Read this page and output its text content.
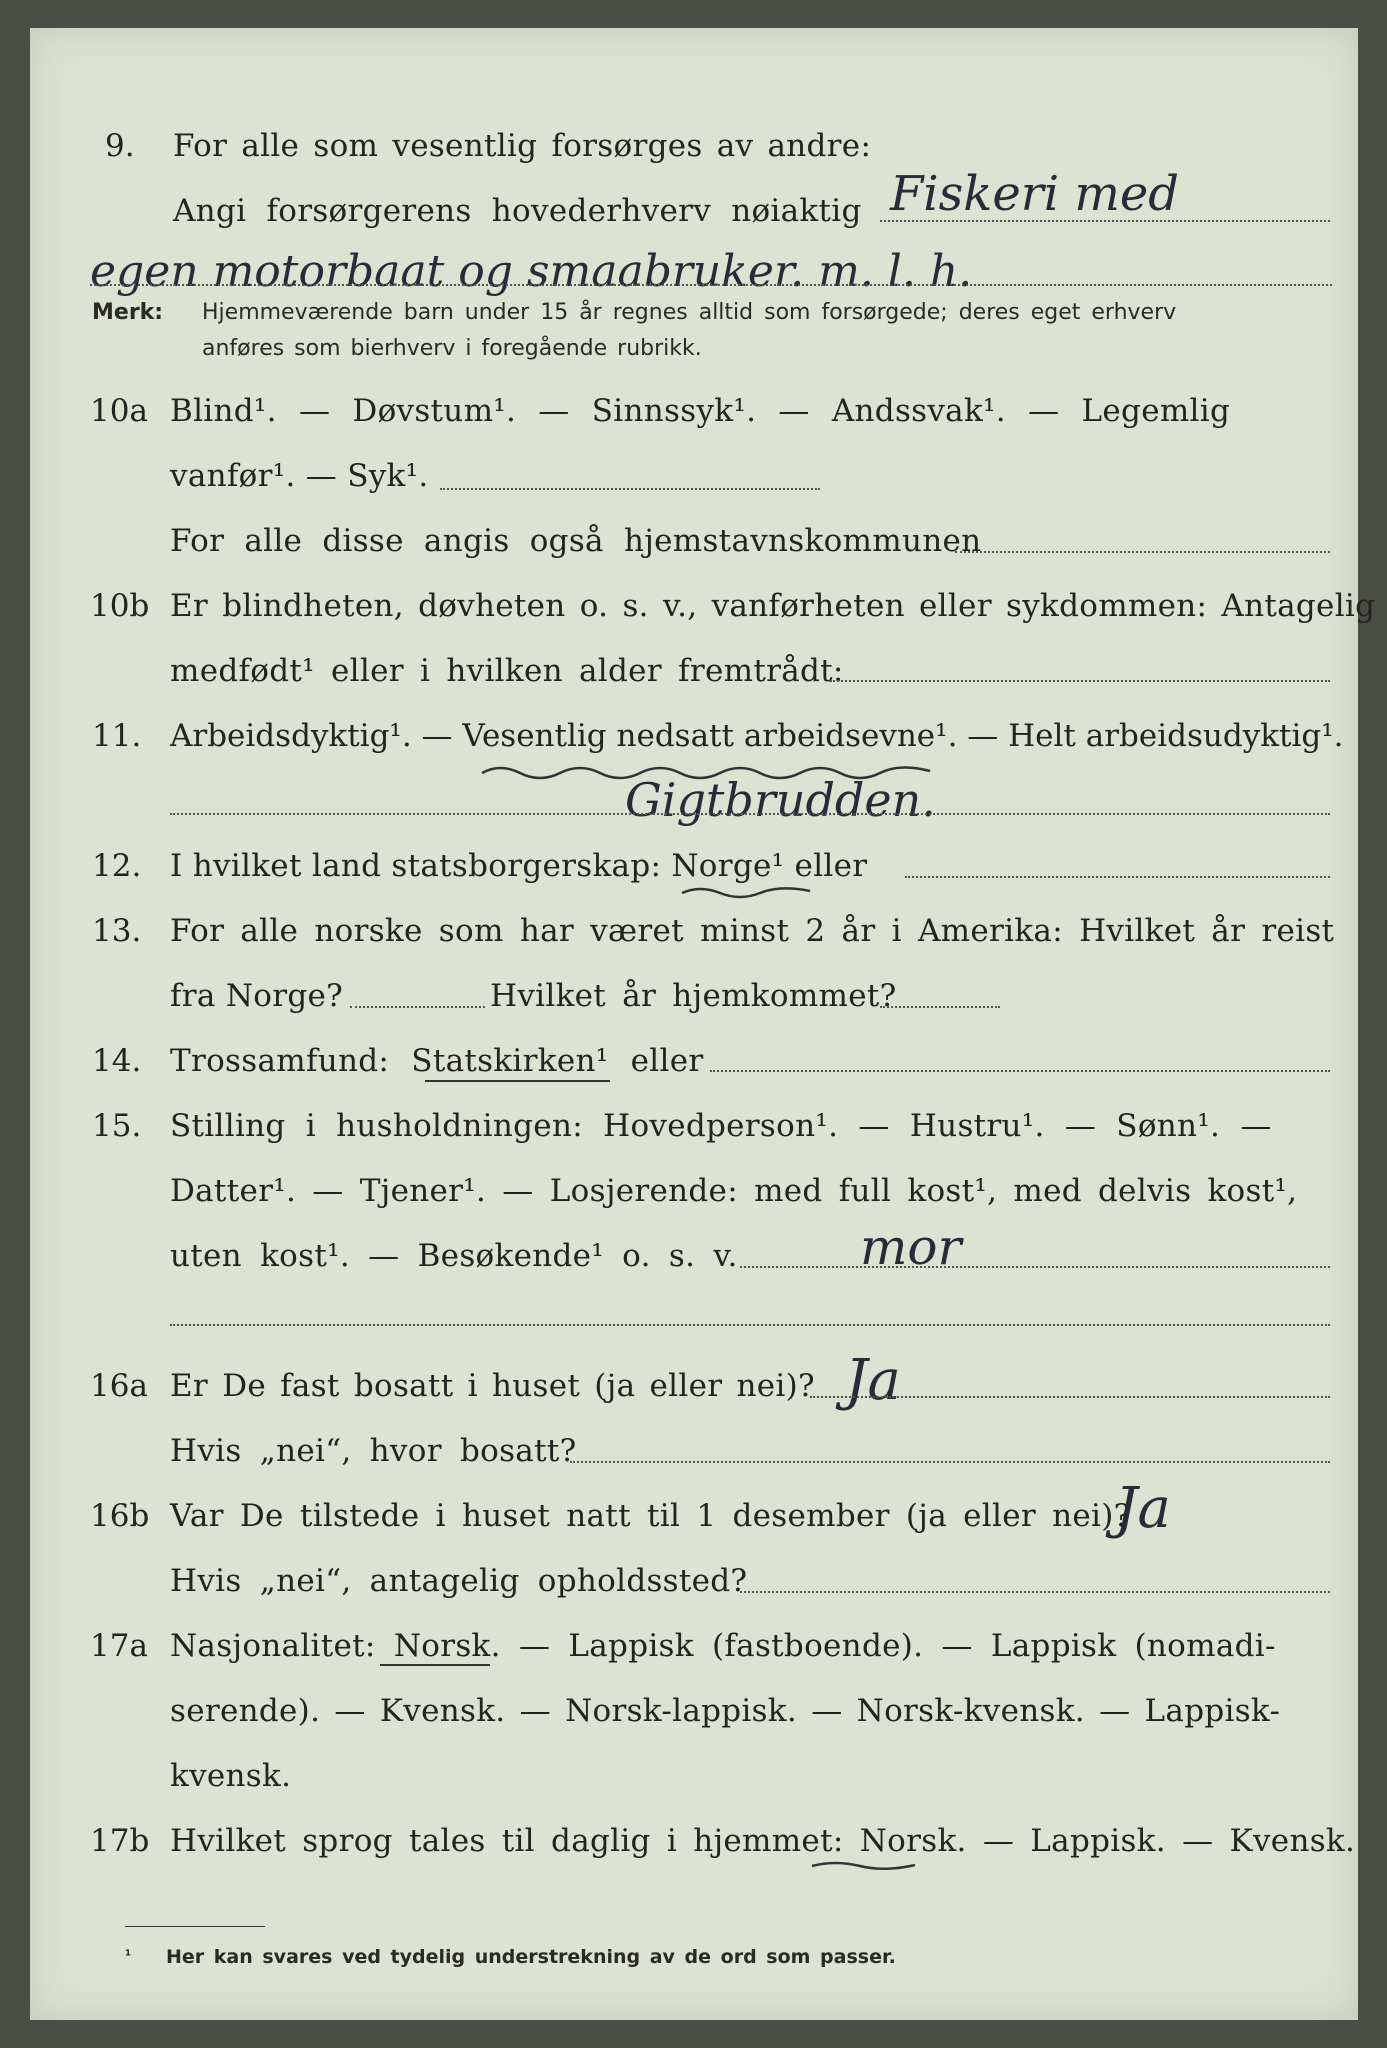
9. For alle som vesentlig forsørges av andre:
Angi forsørgerens hovederhverv nøiaktig Fiskeri med
egen motorbaat og smaabruker. m. l. h.
Merk: Hjemmeværende barn under 15 år regnes alltid som forsørgede; deres eget erhverv
anføres som bierhverv i foregående rubrikk.
10a Blind¹. — Døvstum¹. — Sinnssyk¹. — Andssvak¹. — Legemlig
vanfør¹. — Syk¹.
For alle disse angis også hjemstavnskommunen
10b Er blindheten, døvheten o. s. v., vanførheten eller sykdommen: Antagelig
medfødt¹ eller i hvilken alder fremtrådt:
11. Arbeidsdyktig¹. — Vesentlig nedsatt arbeidsevne¹. — Helt arbeidsudyktig¹.
Gigtbrudden.
12. I hvilket land statsborgerskap: Norge¹ eller
13. For alle norske som har været minst 2 år i Amerika: Hvilket år reist
fra Norge?	Hvilket år hjemkommet?
14. Trossamfund: Statskirken¹ eller
15. Stilling i husholdningen: Hovedperson¹. — Hustru¹. — Sønn¹. —
Datter¹. — Tjener¹. — Losjerende: med full kost¹, med delvis kost¹,
uten kost¹. — Besøkende¹ o. s. v. mor
16a Er De fast bosatt i huset (ja eller nei)? Ja
Hvis „nei“, hvor bosatt?
16b Var De tilstede i huset natt til 1 desember (ja eller nei)?
Ja
Hvis „nei“, antagelig opholdssted?
17a Nasjonalitet: Norsk. — Lappisk (fastboende). — Lappisk (nomadi-
serende). — Kvensk. — Norsk-lappisk. — Norsk-kvensk. — Lappisk-
kvensk.
17b Hvilket sprog tales til daglig i hjemmet: Norsk. — Lappisk. — Kvensk.
¹ Her kan svares ved tydelig understrekning av de ord som passer.
